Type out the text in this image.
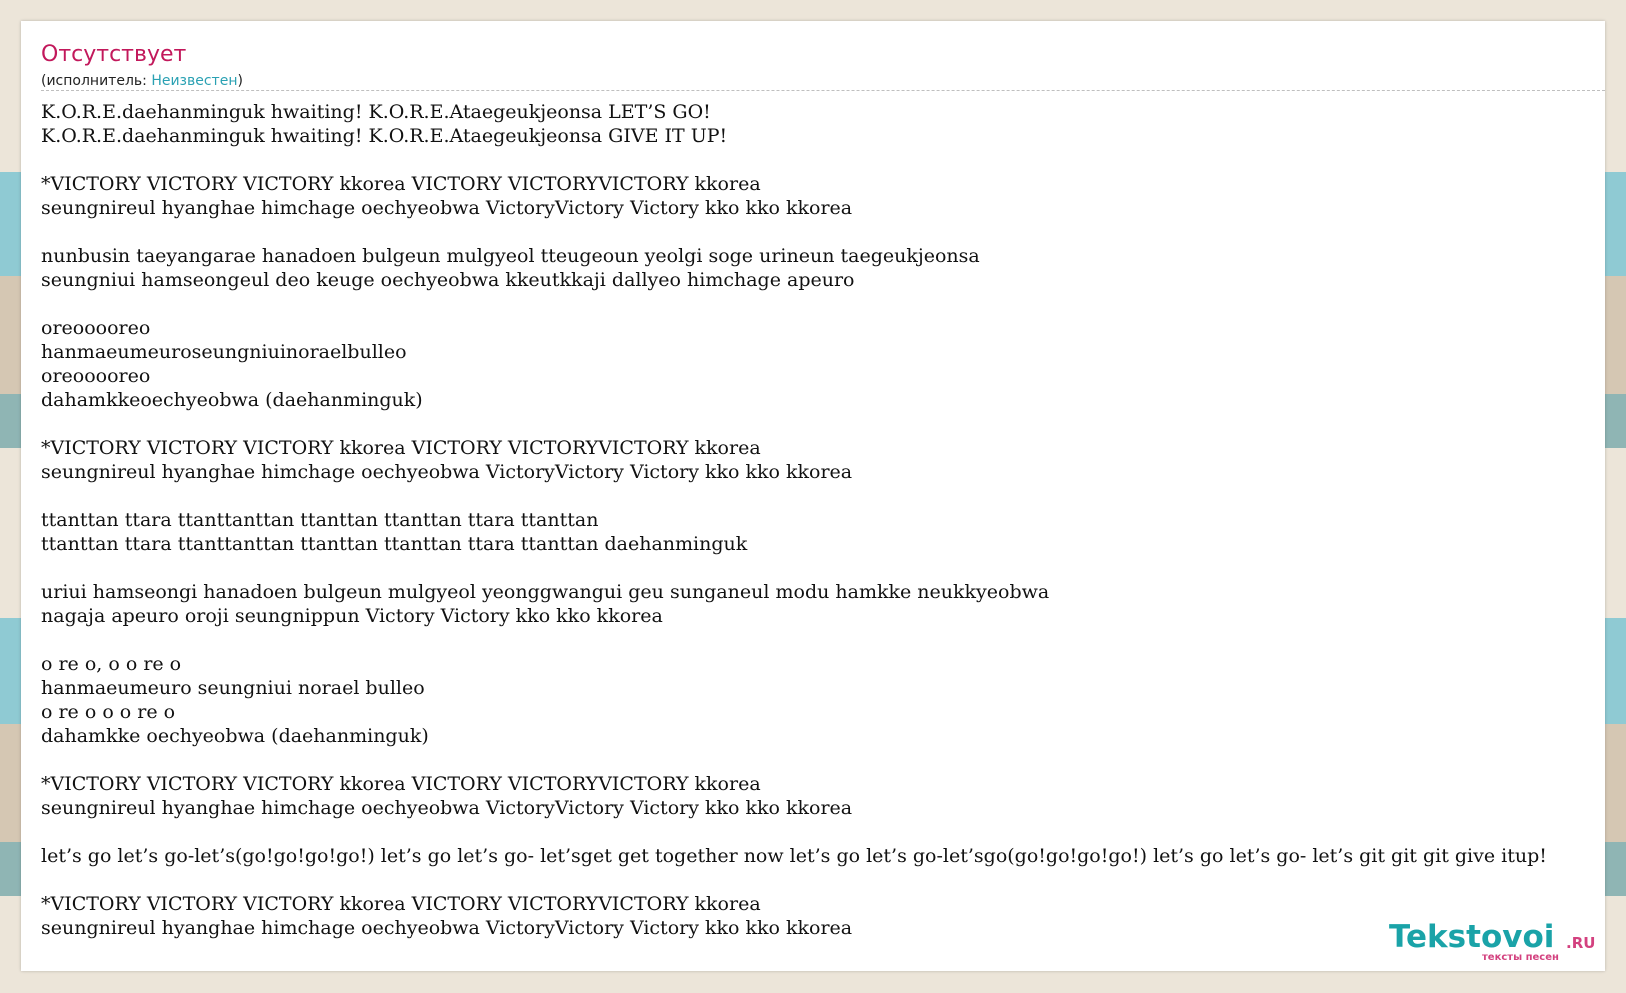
Отсутствует
(исполнитель: Неизвестен)
K.O.R.E.daehanminguk hwaiting! K.O.R.E.Ataegeukjeonsa LET’S GO!
K.O.R.E.daehanminguk hwaiting! K.O.R.E.Ataegeukjeonsa GIVE IT UP!
*VICTORY VICTORY VICTORY kkorea VICTORY VICTORYVICTORY kkorea
seungnireul hyanghae himchage oechyeobwa VictoryVictory Victory kko kko kkorea
nunbusin taeyangarae hanadoen bulgeun mulgyeol tteugeoun yeolgi soge urineun taegeukjeonsa
seungniui hamseongeul deo keuge oechyeobwa kkeutkkaji dallyeo himchage apeuro
oreooooreo
hanmaeumeuroseungniuinoraelbulleo
oreooooreo
dahamkkeoechyeobwa (daehanminguk)
*VICTORY VICTORY VICTORY kkorea VICTORY VICTORYVICTORY kkorea
seungnireul hyanghae himchage oechyeobwa VictoryVictory Victory kko kko kkorea
ttanttan ttara ttanttanttan ttanttan ttanttan ttara ttanttan
ttanttan ttara ttanttanttan ttanttan ttanttan ttara ttanttan daehanminguk
uriui hamseongi hanadoen bulgeun mulgyeol yeonggwangui geu sunganeul modu hamkke neukkyeobwa
nagaja apeuro oroji seungnippun Victory Victory kko kko kkorea
o re o, o o re o
hanmaeumeuro seungniui norael bulleo
o re o o o re o
dahamkke oechyeobwa (daehanminguk)
*VICTORY VICTORY VICTORY kkorea VICTORY VICTORYVICTORY kkorea
seungnireul hyanghae himchage oechyeobwa VictoryVictory Victory kko kko kkorea
let’s go let’s go-let’s(go!go!go!go!) let’s go let’s go- let’sget get together now let’s go let’s go-let’sgo(go!go!go!go!) let’s go let’s go- let’s git git git give itup!
*VICTORY VICTORY VICTORY kkorea VICTORY VICTORYVICTORY kkorea
seungnireul hyanghae himchage oechyeobwa VictoryVictory Victory kko kko kkorea	Tekstovoi .RU
тексты песен
